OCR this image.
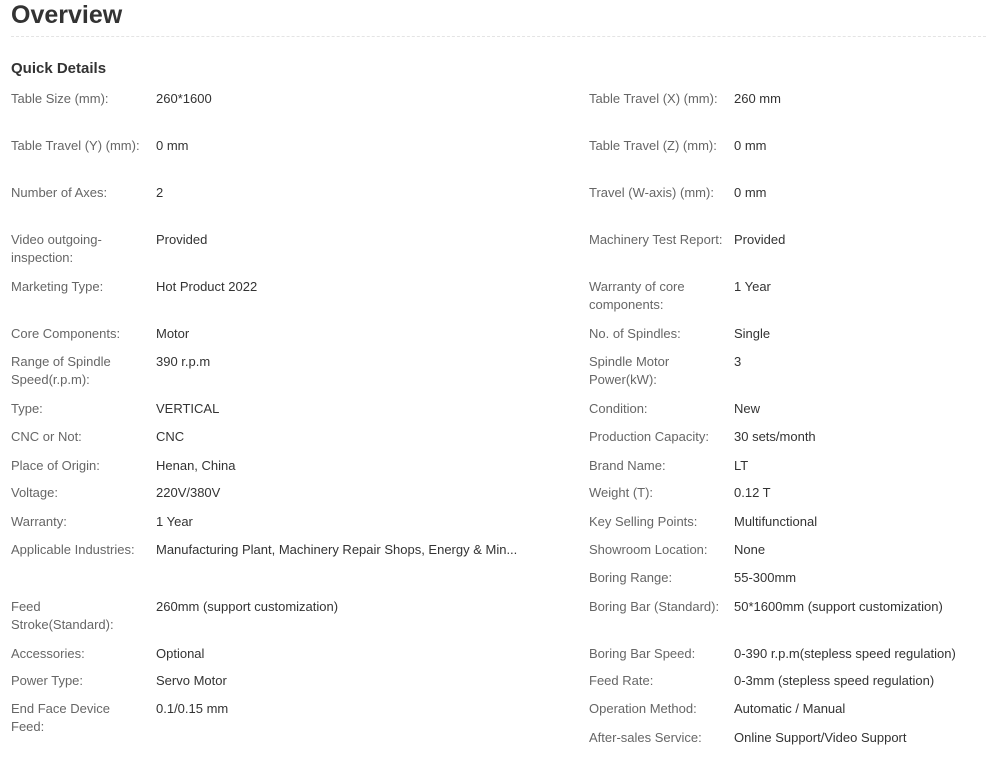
Overview
Quick Details
Table Size (mm):	260*1600
Table Travel (Y) (mm):	0 mm
Number of Axes:	2
Video outgoing-inspection:
Provided
Marketing Type:	Hot Product 2022
Core Components:	Motor
Range of Spindle Speed(r.p.m):
390 r.p.m
Type:	VERTICAL
CNC or Not:	CNC
Place of Origin:	Henan, China
Voltage:	220V/380V
Warranty:	1 Year
Applicable Industries:	Manufacturing Plant, Machinery Repair Shops, Energy & Min...
Feed Stroke(Standard):
260mm (support customization)
Accessories:	Optional
Power Type:	Servo Motor
End Face Device Feed:
0.1/0.15 mm
Table Travel (X) (mm):	260 mm
Table Travel (Z) (mm):	0 mm
Travel (W-axis) (mm):	0 mm
Machinery Test Report: Provided
Warranty of core components:
1 Year
No. of Spindles:	Single
Spindle Motor Power(kW):
3
Condition:	New
Production Capacity:	30 sets/month
Brand Name:	LT
Weight (T):	0.12 T
Key Selling Points:	Multifunctional
Showroom Location:	None
Boring Range:	55-300mm
Boring Bar (Standard):	50*1600mm (support customization)
Boring Bar Speed:	0-390 r.p.m(stepless speed regulation)
Feed Rate:	0-3mm (stepless speed regulation)
Operation Method:	Automatic / Manual
After-sales Service:	Online Support/Video Support
